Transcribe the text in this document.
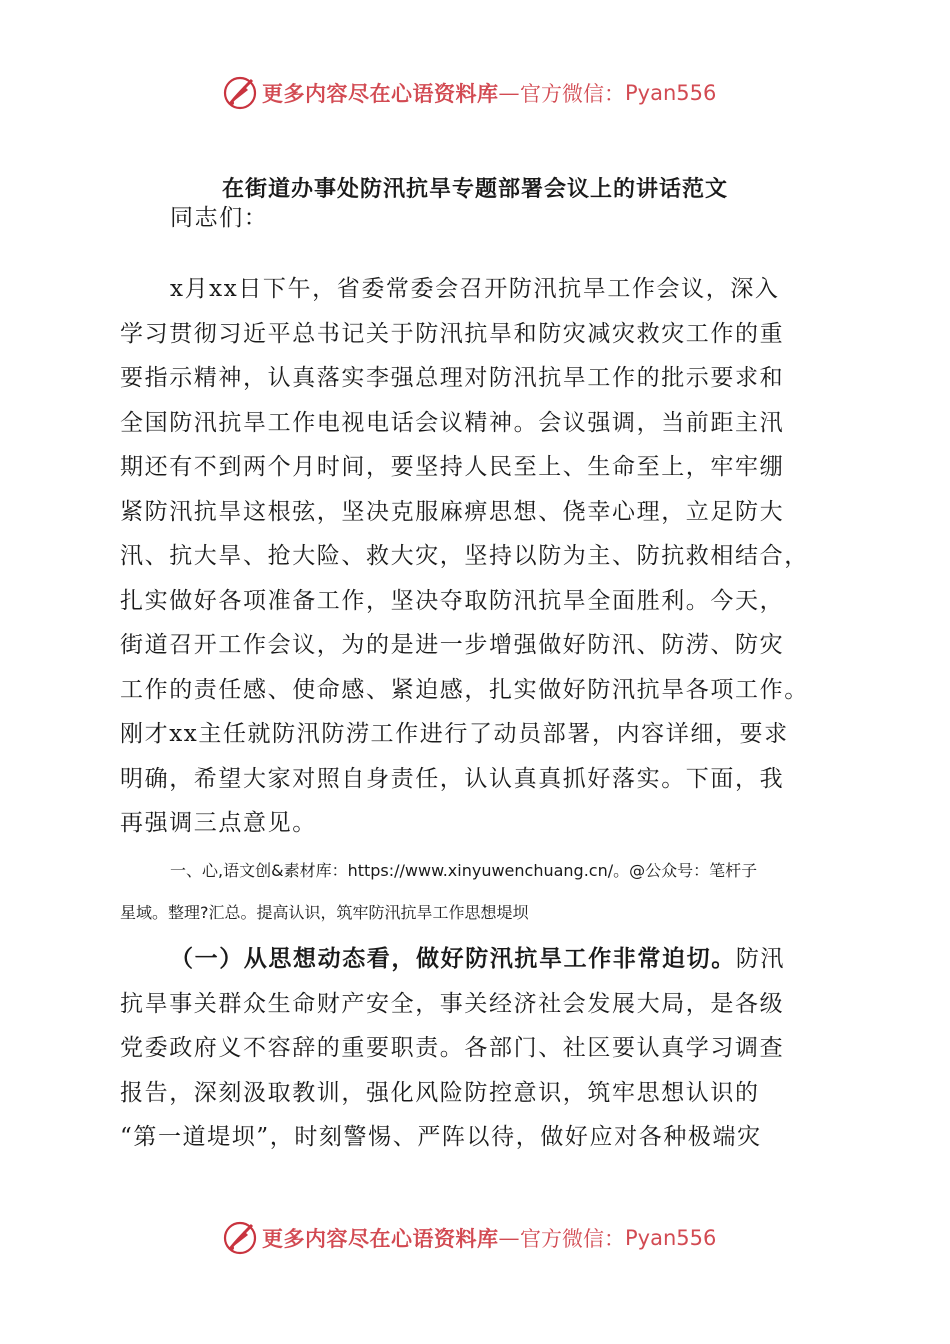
更多内容尽在心语资料库 — 官方微信： Pyan556
在街道办事处防汛抗旱专题部署会议上的讲话范文
同志们：
x月xx日下午，省委常委会召开防汛抗旱工作会议，深入
学习贯彻习近平总书记关于防汛抗旱和防灾减灾救灾工作的重
要指示精神，认真落实李强总理对防汛抗旱工作的批示要求和
全国防汛抗旱工作电视电话会议精神。会议强调，当前距主汛
期还有不到两个月时间，要坚持人民至上、生命至上，牢牢绷
紧防汛抗旱这根弦，坚决克服麻痹思想、侥幸心理，立足防大
汛、抗大旱、抢大险、救大灾，坚持以防为主、防抗救相结合，
扎实做好各项准备工作，坚决夺取防汛抗旱全面胜利。今天，
街道召开工作会议，为的是进一步增强做好防汛、防涝、防灾
工作的责任感、使命感、紧迫感，扎实做好防汛抗旱各项工作。
刚才xx主任就防汛防涝工作进行了动员部署，内容详细，要求
明确，希望大家对照自身责任，认认真真抓好落实。下面，我
再强调三点意见。
一、心,语文创&素材库：https://www.xinyuwenchuang.cn/。@公众号：笔杆子
星域。整理?汇总。提高认识，筑牢防汛抗旱工作思想堤坝
（一）从思想动态看，做好防汛抗旱工作非常迫切。防汛
抗旱事关群众生命财产安全，事关经济社会发展大局，是各级
党委政府义不容辞的重要职责。各部门、社区要认真学习调查
报告，深刻汲取教训，强化风险防控意识，筑牢思想认识的
“第一道堤坝”，时刻警惕、严阵以待，做好应对各种极端灾
更多内容尽在心语资料库 — 官方微信： Pyan556
